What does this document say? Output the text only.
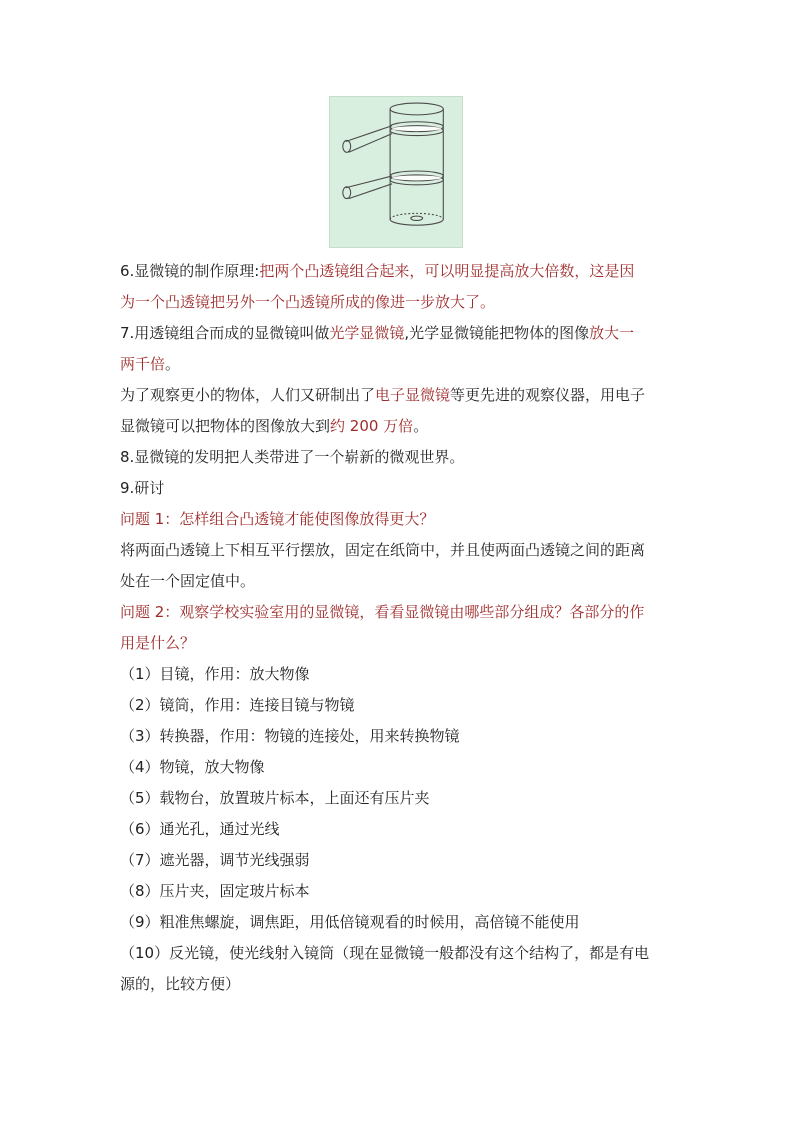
6.显微镜的制作原理:把两个凸透镜组合起来，可以明显提高放大倍数，这是因
为一个凸透镜把另外一个凸透镜所成的像进一步放大了。
7.用透镜组合而成的显微镜叫做光学显微镜,光学显微镜能把物体的图像放大一
两千倍。
为了观察更小的物体，人们又研制出了电子显微镜等更先进的观察仪器，用电子
显微镜可以把物体的图像放大到约 200 万倍。
8.显微镜的发明把人类带进了一个崭新的微观世界。
9.研讨
问题 1：怎样组合凸透镜才能使图像放得更大？
将两面凸透镜上下相互平行摆放，固定在纸筒中，并且使两面凸透镜之间的距离
处在一个固定值中。
问题 2：观察学校实验室用的显微镜，看看显微镜由哪些部分组成？各部分的作
用是什么？
（1）目镜，作用：放大物像
（2）镜筒，作用：连接目镜与物镜
（3）转换器，作用：物镜的连接处，用来转换物镜
（4）物镜，放大物像
（5）载物台，放置玻片标本，上面还有压片夹
（6）通光孔，通过光线
（7）遮光器，调节光线强弱
（8）压片夹，固定玻片标本
（9）粗准焦螺旋，调焦距，用低倍镜观看的时候用，高倍镜不能使用
（10）反光镜，使光线射入镜筒（现在显微镜一般都没有这个结构了，都是有电
源的，比较方便）
